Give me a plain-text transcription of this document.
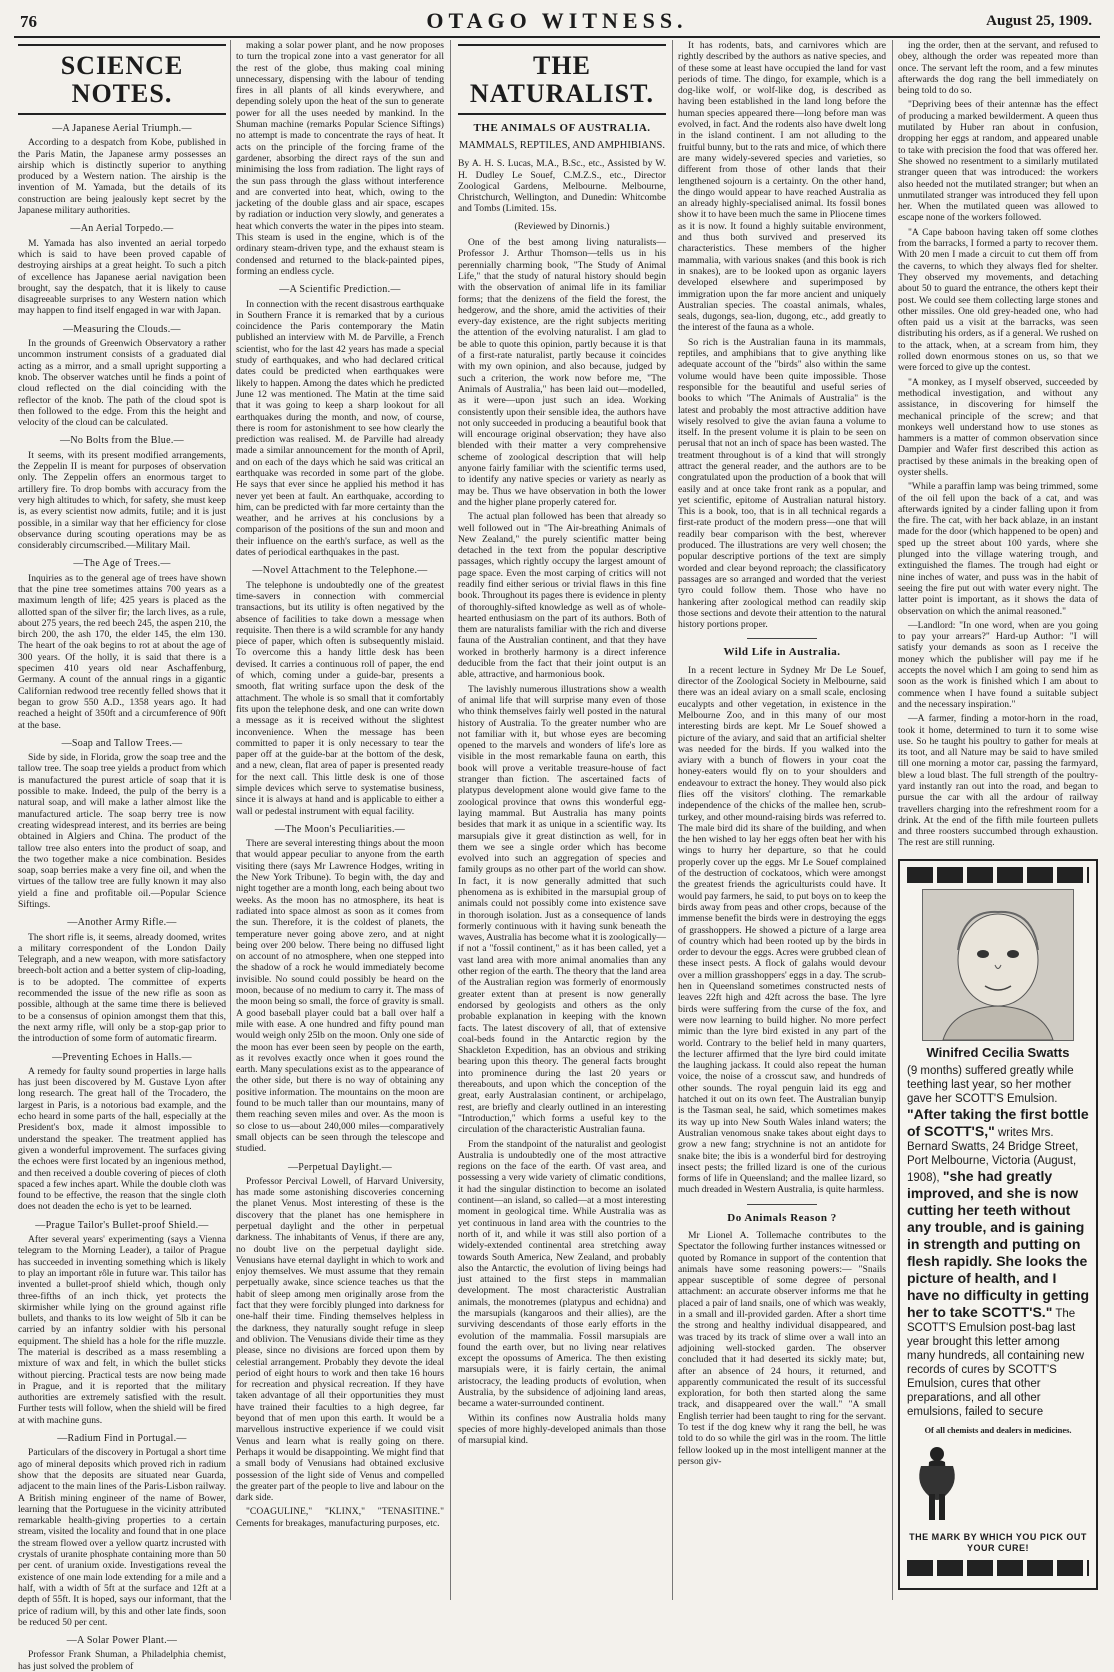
76	OTAGO WITNESS.	August 25, 1909.
SCIENCE NOTES.
—A Japanese Aerial Triumph.—

According to a despatch from Kobe, published in the Paris Matin, the Japanese army possesses an airship which is distinctly superior to anything produced by a Western nation. The airship is the invention of M. Yamada, but the details of its construction are being jealously kept secret by the Japanese military authorities.

—An Aerial Torpedo.—

M. Yamada has also invented an aerial torpedo which is said to have been proved capable of destroying airships at a great height. To such a pitch of excellence has Japanese aerial navigation been brought, say the despatch, that it is likely to cause disagreeable surprises to any Western nation which may happen to find itself engaged in war with Japan.

—Measuring the Clouds.—

In the grounds of Greenwich Observatory a rather uncommon instrument consists of a graduated dial acting as a mirror, and a small upright supporting a knob. The observer watches until he finds a point of cloud reflected on the dial coinciding with the reflector of the knob. The path of the cloud spot is then followed to the edge. From this the height and velocity of the cloud can be calculated.

—No Bolts from the Blue.—

It seems, with its present modified arrangements, the Zeppelin II is meant for purposes of observation only. The Zeppelin offers an enormous target to artillery fire. To drop bombs with accuracy from the very high altitudes to which, for safety, she must keep is, as every scientist now admits, futile; and it is just possible, in a similar way that her efficiency for close observance during scouting operations may be as considerably circumscribed.—Military Mail.

—The Age of Trees.—

Inquiries as to the general age of trees have shown that the pine tree sometimes attains 700 years as a maximum length of life; 425 years is placed as the allotted span of the silver fir; the larch lives, as a rule, about 275 years, the red beech 245, the aspen 210, the birch 200, the ash 170, the elder 145, the elm 130. The heart of the oak begins to rot at about the age of 300 years. Of the holly, it is said that there is a specimen 410 years old near Aschaffenburg, Germany. A count of the annual rings in a gigantic Californian redwood tree recently felled shows that it began to grow 550 A.D., 1358 years ago. It had reached a height of 350ft and a circumference of 90ft at the base.

—Soap and Tallow Trees.—

Side by side, in Florida, grow the soap tree and the tallow tree. The soap tree yields a product from which is manufactured the purest article of soap that it is possible to make. Indeed, the pulp of the berry is a natural soap, and will make a lather almost like the manufactured article. The soap berry tree is now creating widespread interest, and its berries are being obtained in Algiers and China. The product of the tallow tree also enters into the product of soap, and the two together make a nice combination. Besides soap, soap berries make a very fine oil, and when the virtues of the tallow tree are fully known it may also yield a fine and profitable oil.—Popular Science Siftings.

—Another Army Rifle.—

The short rifle is, it seems, already doomed, writes a military correspondent of the London Daily Telegraph, and a new weapon, with more satisfactory breech-bolt action and a better system of clip-loading, is to be adopted. The committee of experts recommended the issue of the new rifle as soon as possible, although at the same time there is believed to be a consensus of opinion amongst them that this, the next army rifle, will only be a stop-gap prior to the introduction of some form of automatic firearm.

—Preventing Echoes in Halls.—

A remedy for faulty sound properties in large halls has just been discovered by M. Gustave Lyon after long research. The great hall of the Trocadero, the largest in Paris, is a notorious bad example, and the echo heard in some parts of the hall, especially at the President's box, made it almost impossible to understand the speaker. The treatment applied has given a wonderful improvement. The surfaces giving the echoes were first located by an ingenious method, and then received a double covering of pieces of cloth spaced a few inches apart. While the double cloth was found to be effective, the reason that the single cloth does not deaden the echo is yet to be learned.

—Prague Tailor's Bullet-proof Shield.—

After several years' experimenting (says a Vienna telegram to the Morning Leader), a tailor of Prague has succeeded in inventing something which is likely to play an important rôle in future war. This tailor has invented a bullet-proof shield which, though only three-fifths of an inch thick, yet protects the skirmisher while lying on the ground against rifle bullets, and thanks to its low weight of 5lb it can be carried by an infantry soldier with his personal equipment. The shield has a hole for the rifle muzzle. The material is described as a mass resembling a mixture of wax and felt, in which the bullet sticks without piercing. Practical tests are now being made in Prague, and it is reported that the military authorities are extremely satisfied with the result. Further tests will follow, when the shield will be fired at with machine guns.

—Radium Find in Portugal.—

Particulars of the discovery in Portugal a short time ago of mineral deposits which proved rich in radium show that the deposits are situated near Guarda, adjacent to the main lines of the Paris-Lisbon railway. A British mining engineer of the name of Bower, learning that the Portuguese in the vicinity attributed remarkable health-giving properties to a certain stream, visited the locality and found that in one place the stream flowed over a yellow quartz incrusted with crystals of uranite phosphate containing more than 50 per cent. of uranium oxide. Investigations reveal the existence of one main lode extending for a mile and a half, with a width of 5ft at the surface and 12ft at a depth of 55ft. It is hoped, says our informant, that the price of radium will, by this and other late finds, soon be reduced 50 per cent.

—A Solar Power Plant.—

Professor Frank Shuman, a Philadelphia chemist, has just solved the problem of

making a solar power plant, and he now proposes to turn the tropical zone into a vast generator for all the rest of the globe, thus making coal mining unnecessary, dispensing with the labour of tending fires in all plants of all kinds everywhere, and depending solely upon the heat of the sun to generate power for all the uses needed by mankind. In the Shuman machine (remarks Popular Science Siftings) no attempt is made to concentrate the rays of heat. It acts on the principle of the forcing frame of the gardener, absorbing the direct rays of the sun and minimising the loss from radiation. The light rays of the sun pass through the glass without interference and are converted into heat, which, owing to the jacketing of the double glass and air space, escapes by radiation or induction very slowly, and generates a heat which converts the water in the pipes into steam. This steam is used in the engine, which is of the ordinary steam-driven type, and the exhaust steam is condensed and returned to the black-painted pipes, forming an endless cycle.

—A Scientific Prediction.—

In connection with the recent disastrous earthquake in Southern France it is remarked that by a curious coincidence the Paris contemporary the Matin published an interview with M. de Parville, a French scientist, who for the last 42 years has made a special study of earthquakes, and who had declared critical dates could be predicted when earthquakes were likely to happen. Among the dates which he predicted June 12 was mentioned. The Matin at the time said that it was going to keep a sharp lookout for all earthquakes during the month, and now, of course, there is room for astonishment to see how clearly the prediction was realised. M. de Parville had already made a similar announcement for the month of April, and on each of the days which he said was critical an earthquake was recorded in some part of the globe. He says that ever since he applied his method it has never yet been at fault. An earthquake, according to him, can be predicted with far more certainty than the weather, and he arrives at his conclusions by a comparison of the positions of the sun and moon and their influence on the earth's surface, as well as the dates of periodical earthquakes in the past.

—Novel Attachment to the Telephone.—

The telephone is undoubtedly one of the greatest time-savers in connection with commercial transactions, but its utility is often negatived by the absence of facilities to take down a message when requisite. Then there is a wild scramble for any handy piece of paper, which often is subsequently mislaid. To overcome this a handy little desk has been devised. It carries a continuous roll of paper, the end of which, coming under a guide-bar, presents a smooth, flat writing surface upon the desk of the attachment. The whole is so small that it comfortably fits upon the telephone desk, and one can write down a message as it is received without the slightest inconvenience. When the message has been committed to paper it is only necessary to tear the paper off at the guide-bar at the bottom of the desk, and a new, clean, flat area of paper is presented ready for the next call. This little desk is one of those simple devices which serve to systematise business, since it is always at hand and is applicable to either a wall or pedestal instrument with equal facility.

—The Moon's Peculiarities.—

There are several interesting things about the moon that would appear peculiar to anyone from the earth visiting there (says Mr Lawrence Hodges, writing in the New York Tribune). To begin with, the day and night together are a month long, each being about two weeks. As the moon has no atmosphere, its heat is radiated into space almost as soon as it comes from the sun. Therefore, it is the coldest of planets, the temperature never going above zero, and at night being over 200 below. There being no diffused light on account of no atmosphere, when one stepped into the shadow of a rock he would immediately become invisible. No sound could possibly be heard on the moon, because of no medium to carry it. The mass of the moon being so small, the force of gravity is small. A good baseball player could bat a ball over half a mile with ease. A one hundred and fifty pound man would weigh only 25lb on the moon. Only one side of the moon has ever been seen by people on the earth, as it revolves exactly once when it goes round the earth. Many speculations exist as to the appearance of the other side, but there is no way of obtaining any positive information. The mountains on the moon are found to be much taller than our mountains, many of them reaching seven miles and over. As the moon is so close to us—about 240,000 miles—comparatively small objects can be seen through the telescope and studied.

—Perpetual Daylight.—

Professor Percival Lowell, of Harvard University, has made some astonishing discoveries concerning the planet Venus. Most interesting of these is the discovery that the planet has one hemisphere in perpetual daylight and the other in perpetual darkness. The inhabitants of Venus, if there are any, no doubt live on the perpetual daylight side. Venusians have eternal daylight in which to work and enjoy themselves. We must assume that they remain perpetually awake, since science teaches us that the habit of sleep among men originally arose from the fact that they were forcibly plunged into darkness for one-half their time. Finding themselves helpless in the darkness, they naturally sought refuge in sleep and oblivion. The Venusians divide their time as they please, since no divisions are forced upon them by celestial arrangement. Probably they devote the ideal period of eight hours to work and then take 16 hours for recreation and physical recreation. If they have taken advantage of all their opportunities they must have trained their faculties to a high degree, far beyond that of men upon this earth. It would be a marvellous instructive experience if we could visit Venus and learn what is really going on there. Perhaps it would be disappointing. We might find that a small body of Venusians had obtained exclusive possession of the light side of Venus and compelled the greater part of the people to live and labour on the dark side.

"COAGULINE," "KLINX," "TENASITINE." Cements for breakages, manufacturing purposes, etc.

THE NATURALIST.
THE ANIMALS OF AUSTRALIA.
MAMMALS, REPTILES, AND AMPHIBIANS.
By A. H. S. Lucas, M.A., B.Sc., etc., Assisted by W. H. Dudley Le Souef, C.M.Z.S., etc., Director Zoological Gardens, Melbourne. Melbourne, Christchurch, Wellington, and Dunedin: Whitcombe and Tombs (Limited. 15s.
(Reviewed by Dinornis.)

One of the best among living naturalists—Professor J. Arthur Thomson—tells us in his perennially charming book, "The Study of Animal Life," that the study of natural history should begin with the observation of animal life in its familiar forms; that the denizens of the field the forest, the hedgerow, and the shore, amid the activities of their every-day existence, are the right subjects meriting the attention of the evolving naturalist. I am glad to be able to quote this opinion, partly because it is that of a first-rate naturalist, partly because it coincides with my own opinion, and also because, judged by such a criterion, the work now before me, "The Animals of Australia," has been laid out—modelled, as it were—upon just such an idea. Working consistently upon their sensible idea, the authors have not only succeeded in producing a beautiful book that will encourage original observation; they have also blended with their matter a very comprehensive scheme of zoological description that will help anyone fairly familiar with the scientific terms used, to identify any native species or variety as nearly as may be. Thus we have observation in both the lower and the higher plane properly catered for.

The actual plan followed has been that already so well followed out in "The Air-breathing Animals of New Zealand," the purely scientific matter being detached in the text from the popular descriptive passages, which rightly occupy the largest amount of page space. Even the most carping of critics will not readily find either serious or trivial flaws in this fine book. Throughout its pages there is evidence in plenty of thoroughly-sifted knowledge as well as of whole-hearted enthusiasm on the part of its authors. Both of them are naturalists familiar with the rich and diverse fauna of the Australian continent, and that they have worked in brotherly harmony is a direct inference deducible from the fact that their joint output is an able, attractive, and harmonious book.

The lavishly numerous illustrations show a wealth of animal life that will surprise many even of those who think themselves fairly well posted in the natural history of Australia. To the greater number who are not familiar with it, but whose eyes are becoming opened to the marvels and wonders of life's lore as visible in the most remarkable fauna on earth, this book will prove a veritable treasure-house of fact stranger than fiction. The ascertained facts of platypus development alone would give fame to the zoological province that owns this wonderful egg-laying mammal. But Australia has many points besides that mark it as unique in a scientific way. Its marsupials give it great distinction as well, for in them we see a single order which has become evolved into such an aggregation of species and family groups as no other part of the world can show. In fact, it is now generally admitted that such phenomena as is exhibited in the marsupial group of animals could not possibly come into existence save in thorough isolation. Just as a consequence of lands formerly continuous with it having sunk beneath the waves, Australia has become what it is zoologically—if not a "fossil continent," as it has been called, yet a vast land area with more animal anomalies than any other region of the earth. The theory that the land area of the Australian region was formerly of enormously greater extent than at present is now generally endorsed by geologists and others as the only probable explanation in keeping with the known facts. The latest discovery of all, that of extensive coal-beds found in the Antarctic region by the Shackleton Expedition, has an obvious and striking bearing upon this theory. The general facts brought into prominence during the last 20 years or thereabouts, and upon which the conception of the great, early Australasian continent, or archipelago, rest, are briefly and clearly outlined in an interesting "Introduction," which forms a useful key to the circulation of the characteristic Australian fauna.

From the standpoint of the naturalist and geologist Australia is undoubtedly one of the most attractive regions on the face of the earth. Of vast area, and possessing a very wide variety of climatic conditions, it had the singular distinction to become an isolated continent—an island, so called—at a most interesting moment in geological time. While Australia was as yet continuous in land area with the countries to the north of it, and while it was still also portion of a widely-extended continental area stretching away towards South America, New Zealand, and probably also the Antarctic, the evolution of living beings had just attained to the first steps in mammalian development. The most characteristic Australian animals, the monotremes (platypus and echidna) and the marsupials (kangaroos and their allies), are the surviving descendants of those early efforts in the evolution of the mammalia. Fossil marsupials are found the earth over, but no living near relatives except the opossums of America. The then existing marsupials were, it is fairly certain, the animal aristocracy, the leading products of evolution, when Australia, by the subsidence of adjoining land areas, became a water-surrounded continent.

Within its confines now Australia holds many species of more highly-developed animals than those of marsupial kind.

It has rodents, bats, and carnivores which are rightly described by the authors as native species, and of these some at least have occupied the land for vast periods of time. The dingo, for example, which is a dog-like wolf, or wolf-like dog, is described as having been established in the land long before the human species appeared there—long before man was evolved, in fact. And the rodents also have dwelt long in the island continent. I am not alluding to the fruitful bunny, but to the rats and mice, of which there are many widely-severed species and varieties, so different from those of other lands that their lengthened sojourn is a certainty. On the other hand, the dingo would appear to have reached Australia as an already highly-specialised animal. Its fossil bones show it to have been much the same in Pliocene times as it is now. It found a highly suitable environment, and thus both survived and preserved its characteristics. These members of the higher mammalia, with various snakes (and this book is rich in snakes), are to be looked upon as organic layers developed elsewhere and superimposed by immigration upon the far more ancient and uniquely Australian species. The coastal animals, whales, seals, dugongs, sea-lion, dugong, etc., add greatly to the interest of the fauna as a whole.

So rich is the Australian fauna in its mammals, reptiles, and amphibians that to give anything like adequate account of the "birds" also within the same volume would have been quite impossible. Those responsible for the beautiful and useful series of books to which "The Animals of Australia" is the latest and probably the most attractive addition have wisely resolved to give the avian fauna a volume to itself. In the present volume it is plain to be seen on perusal that not an inch of space has been wasted. The treatment throughout is of a kind that will strongly attract the general reader, and the authors are to be congratulated upon the production of a book that will easily and at once take front rank as a popular, and yet scientific, epitome of Australian natural history. This is a book, too, that is in all technical regards a first-rate product of the modern press—one that will readily bear comparison with the best, wherever produced. The illustrations are very well chosen; the popular descriptive portions of the text are simply worded and clear beyond reproach; the classificatory passages are so arranged and worded that the veriest tyro could follow them. Those who have no hankering after zoological method can readily skip those sections and devote their attention to the natural history portions proper.

Wild Life in Australia.

In a recent lecture in Sydney Mr De Le Souef, director of the Zoological Society in Melbourne, said there was an ideal aviary on a small scale, enclosing eucalypts and other vegetation, in existence in the Melbourne Zoo, and in this many of our most interesting birds are kept. Mr Le Souef showed a picture of the aviary, and said that an artificial shelter was needed for the birds. If you walked into the aviary with a bunch of flowers in your coat the honey-eaters would fly on to your shoulders and endeavour to extract the honey. They would also pick flies off the visitors' clothing. The remarkable independence of the chicks of the mallee hen, scrub-turkey, and other mound-raising birds was referred to. The male bird did its share of the building, and when the hen wished to lay her eggs often beat her with his wings to hurry her departure, so that he could properly cover up the eggs. Mr Le Souef complained of the destruction of cockatoos, which were amongst the greatest friends the agriculturists could have. It would pay farmers, he said, to put boys on to keep the birds away from peas and other crops, because of the immense benefit the birds were in destroying the eggs of grasshoppers. He showed a picture of a large area of country which had been rooted up by the birds in order to devour the eggs. Acres were grubbed clean of these insect pests. A flock of galahs would devour over a million grasshoppers' eggs in a day. The scrub-hen in Queensland sometimes constructed nests of leaves 22ft high and 42ft across the base. The lyre birds were suffering from the curse of the fox, and were now learning to build higher. No more perfect mimic than the lyre bird existed in any part of the world. Contrary to the belief held in many quarters, the lecturer affirmed that the lyre bird could imitate the laughing jackass. It could also repeat the human voice, the noise of a crosscut saw, and hundreds of other sounds. The royal penguin laid its egg and hatched it out on its own feet. The Australian bunyip is the Tasman seal, he said, which sometimes makes its way up into New South Wales inland waters; the Australian venomous snake takes about eight days to grow a new fang; strychnine is not an antidote for snake bite; the ibis is a wonderful bird for destroying insect pests; the frilled lizard is one of the curious forms of life in Queensland; and the mallee lizard, so much dreaded in Western Australia, is quite harmless.

Do Animals Reason ?

Mr Lionel A. Tollemache contributes to the Spectator the following further instances witnessed or quoted by Romance in support of the contention that animals have some reasoning powers:— "Snails appear susceptible of some degree of personal attachment: an accurate observer informs me that he placed a pair of land snails, one of which was weakly, in a small and ill-provided garden. After a short time the strong and healthy individual disappeared, and was traced by its track of slime over a wall into an adjoining well-stocked garden. The observer concluded that it had deserted its sickly mate; but, after an absence of 24 hours, it returned, and apparently communicated the result of its successful exploration, for both then started along the same track, and disappeared over the wall." "A small English terrier had been taught to ring for the servant. To test if the dog knew why it rang the bell, he was told to do so while the girl was in the room. The little fellow looked up in the most intelligent manner at the person giv-

ing the order, then at the servant, and refused to obey, although the order was repeated more than once. The servant left the room, and a few minutes afterwards the dog rang the bell immediately on being told to do so.

"Depriving bees of their antennæ has the effect of producing a marked bewilderment. A queen thus mutilated by Huber ran about in confusion, dropping her eggs at random, and appeared unable to take with precision the food that was offered her. She showed no resentment to a similarly mutilated stranger queen that was introduced: the workers also heeded not the mutilated stranger; but when an unmutilated stranger was introduced they fell upon her. When the mutilated queen was allowed to escape none of the workers followed.

"A Cape baboon having taken off some clothes from the barracks, I formed a party to recover them. With 20 men I made a circuit to cut them off from the caverns, to which they always fled for shelter. They observed my movements, and detaching about 50 to guard the entrance, the others kept their post. We could see them collecting large stones and other missiles. One old grey-headed one, who had often paid us a visit at the barracks, was seen distributing his orders, as if a general. We rushed on to the attack, when, at a scream from him, they rolled down enormous stones on us, so that we were forced to give up the contest.

"A monkey, as I myself observed, succeeded by methodical investigation, and without any assistance, in discovering for himself the mechanical principle of the screw; and that monkeys well understand how to use stones as hammers is a matter of common observation since Dampier and Wafer first described this action as practised by these animals in the breaking open of oyster shells.

"While a paraffin lamp was being trimmed, some of the oil fell upon the back of a cat, and was afterwards ignited by a cinder falling upon it from the fire. The cat, with her back ablaze, in an instant made for the door (which happened to be open) and sped up the street about 100 yards, where she plunged into the village watering trough, and extinguished the flames. The trough had eight or nine inches of water, and puss was in the habit of seeing the fire put out with water every night. The latter point is important, as it shows the data of observation on which the animal reasoned."

—Landlord: "In one word, when are you going to pay your arrears?" Hard-up Author: "I will satisfy your demands as soon as I receive the money which the publisher will pay me if he accepts the novel which I am going to send him as soon as the work is finished which I am about to commence when I have found a suitable subject and the necessary inspiration."

—A farmer, finding a motor-horn in the road, took it home, determined to turn it to some wise use. So he taught his poultry to gather for meals at its toot, and all Nature may be said to have smiled till one morning a motor car, passing the farmyard, blew a loud blast. The full strength of the poultry-yard instantly ran out into the road, and began to pursue the car with all the ardour of railway travellers charging into the refreshment room for a drink. At the end of the fifth mile fourteen pullets and three roosters succumbed through exhaustion. The rest are still running.

Winifred Cecilia Swatts
(9 months) suffered greatly while teething last year, so her mother gave her SCOTT'S Emulsion. "After taking the first bottle of SCOTT'S," writes Mrs. Bernard Swatts, 24 Bridge Street, Port Melbourne, Victoria (August, 1908), "she had greatly improved, and she is now cutting her teeth without any trouble, and is gaining in strength and putting on flesh rapidly. She looks the picture of health, and I have no difficulty in getting her to take SCOTT'S." The SCOTT'S Emulsion post-bag last year brought this letter among many hundreds, all containing new records of cures by SCOTT'S Emulsion, cures that other preparations, and all other emulsions, failed to secure
Of all chemists and dealers in medicines.
THE MARK BY WHICH YOU PICK OUT YOUR CURE!
